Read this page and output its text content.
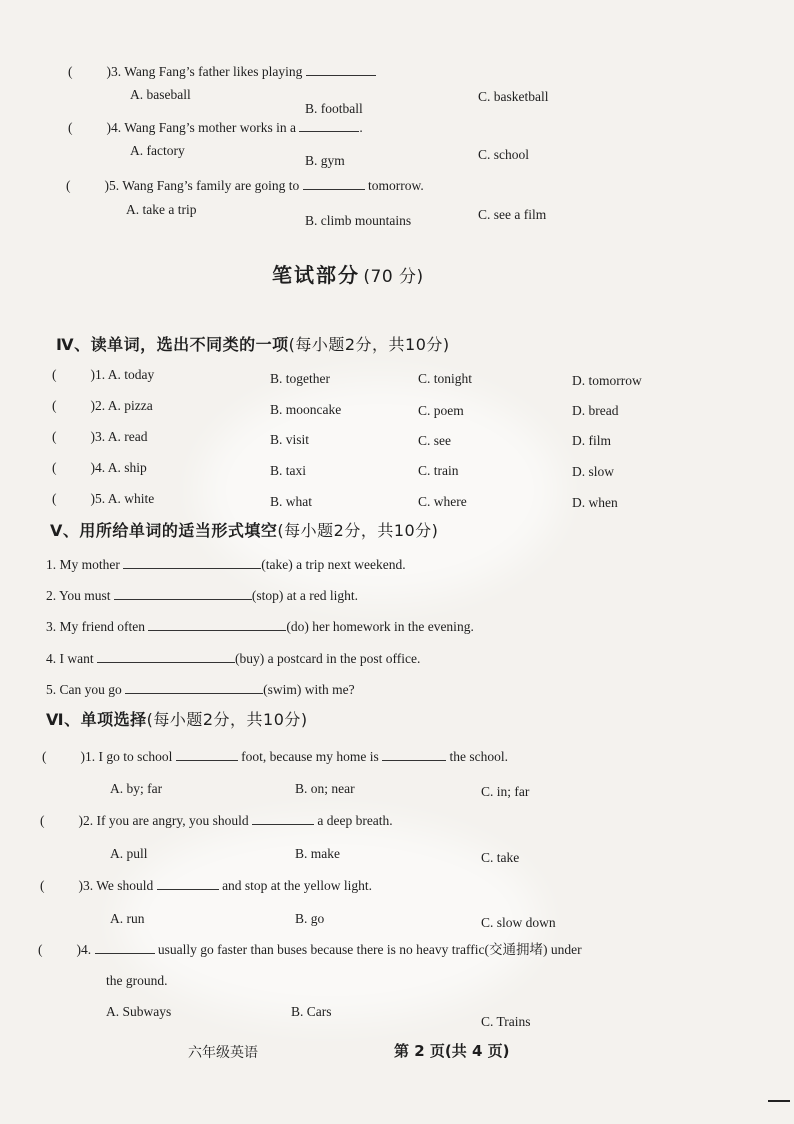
(	)3. Wang Fang’s father likes playing
A. baseball
B. football
C. basketball
(	)4. Wang Fang’s mother works in a	.
A. factory
B. gym	C. school
(	)5. Wang Fang’s family are going to	tomorrow.
A. take a trip
B. climb mountains	C. see a film
笔试部分 (70 分)
Ⅳ、读单词，选出不同类的一项(每小题2分，共10分)
(	)1. A. today	B. together	C. tonight	D. tomorrow
(	)2. A. pizza	B. mooncake	C. poem	D. bread
(	)3. A. read	B. visit	C. see	D. film
(	)4. A. ship	B. taxi	C. train	D. slow
(	)5. A. white	B. what	C. where	D. when
Ⅴ、用所给单词的适当形式填空(每小题2分，共10分)
1. My mother	(take) a trip next weekend.
2. You must	(stop) at a red light.
3. My friend often	(do) her homework in the evening.
4. I want	(buy) a postcard in the post office.
5. Can you go	(swim) with me?
Ⅵ、单项选择(每小题2分，共10分)
(	)1. I go to school	foot, because my home is	the school.
A. by; far	B. on; near	C. in; far
(	)2. If you are angry, you should	a deep breath.
A. pull	B. make	C. take
(	)3. We should	and stop at the yellow light.
A. run	B. go	C. slow down
(	)4.	usually go faster than buses because there is no heavy traffic(交通拥堵) under
the ground.
A. Subways	B. Cars
C. Trains
六年级英语	第 2 页(共 4 页)
